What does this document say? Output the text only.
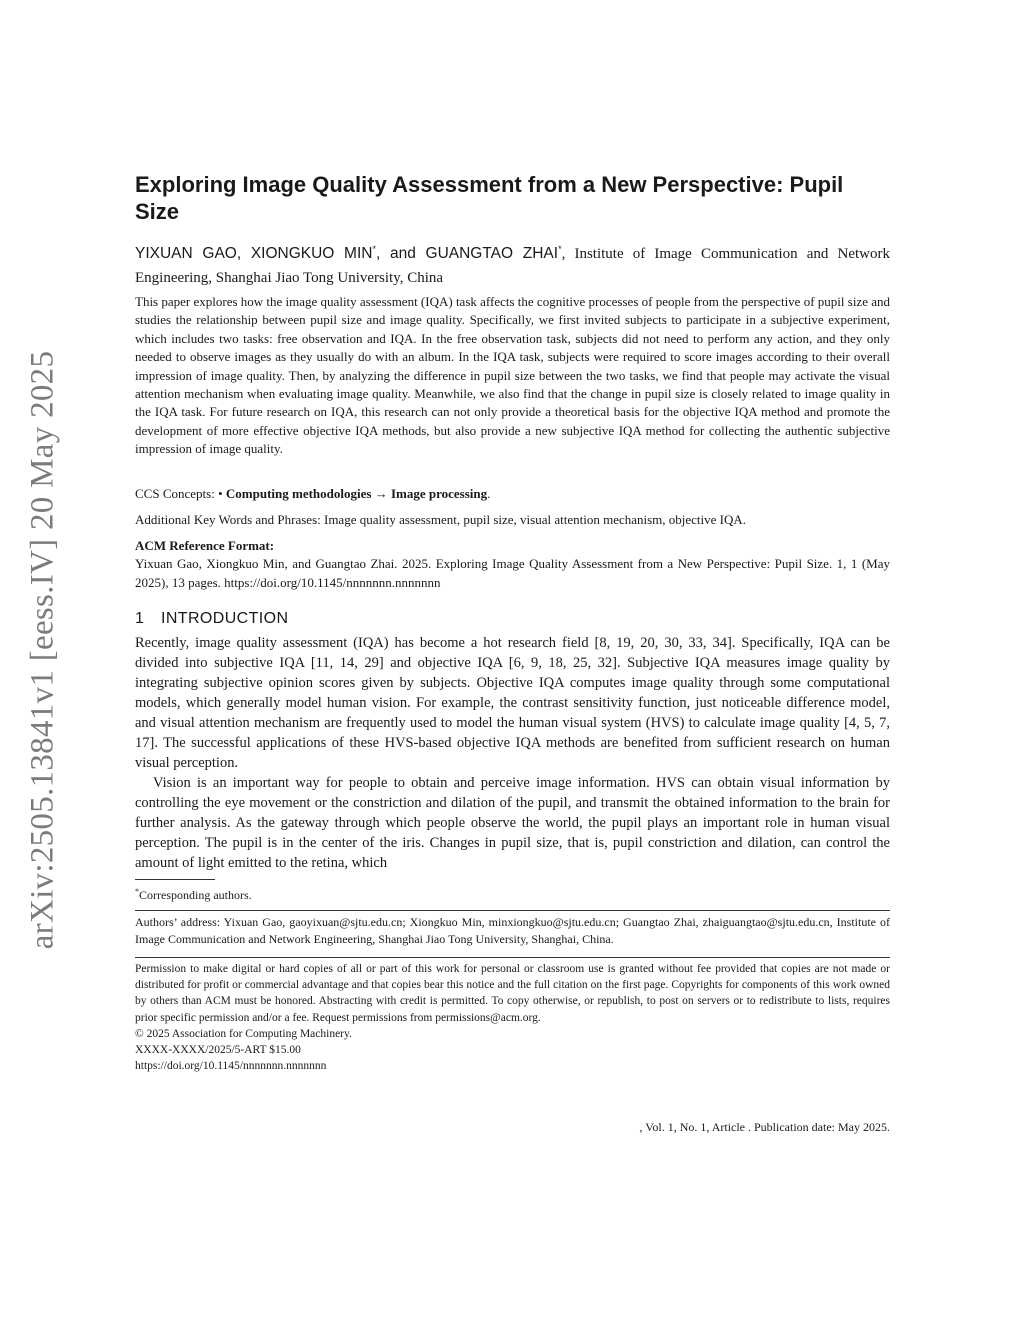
arXiv:2505.13841v1 [eess.IV] 20 May 2025
Exploring Image Quality Assessment from a New Perspective: Pupil Size
YIXUAN GAO, XIONGKUO MIN*, and GUANGTAO ZHAI*, Institute of Image Communication and Network Engineering, Shanghai Jiao Tong University, China

This paper explores how the image quality assessment (IQA) task affects the cognitive processes of people from the perspective of pupil size and studies the relationship between pupil size and image quality. Specifically, we first invited subjects to participate in a subjective experiment, which includes two tasks: free observation and IQA. In the free observation task, subjects did not need to perform any action, and they only needed to observe images as they usually do with an album. In the IQA task, subjects were required to score images according to their overall impression of image quality. Then, by analyzing the difference in pupil size between the two tasks, we find that people may activate the visual attention mechanism when evaluating image quality. Meanwhile, we also find that the change in pupil size is closely related to image quality in the IQA task. For future research on IQA, this research can not only provide a theoretical basis for the objective IQA method and promote the development of more effective objective IQA methods, but also provide a new subjective IQA method for collecting the authentic subjective impression of image quality.

CCS Concepts: • Computing methodologies → Image processing.
Additional Key Words and Phrases: Image quality assessment, pupil size, visual attention mechanism, objective IQA.
ACM Reference Format:
Yixuan Gao, Xiongkuo Min, and Guangtao Zhai. 2025. Exploring Image Quality Assessment from a New Perspective: Pupil Size. 1, 1 (May 2025), 13 pages. https://doi.org/10.1145/nnnnnnn.nnnnnnn
1 INTRODUCTION

Recently, image quality assessment (IQA) has become a hot research field [8, 19, 20, 30, 33, 34]. Specifically, IQA can be divided into subjective IQA [11, 14, 29] and objective IQA [6, 9, 18, 25, 32]. Subjective IQA measures image quality by integrating subjective opinion scores given by subjects. Objective IQA computes image quality through some computational models, which generally model human vision. For example, the contrast sensitivity function, just noticeable difference model, and visual attention mechanism are frequently used to model the human visual system (HVS) to calculate image quality [4, 5, 7, 17]. The successful applications of these HVS-based objective IQA methods are benefited from sufficient research on human visual perception.

Vision is an important way for people to obtain and perceive image information. HVS can obtain visual information by controlling the eye movement or the constriction and dilation of the pupil, and transmit the obtained information to the brain for further analysis. As the gateway through which people observe the world, the pupil plays an important role in human visual perception. The pupil is in the center of the iris. Changes in pupil size, that is, pupil constriction and dilation, can control the amount of light emitted to the retina, which

*Corresponding authors.
Authors’ address: Yixuan Gao, gaoyixuan@sjtu.edu.cn; Xiongkuo Min, minxiongkuo@sjtu.edu.cn; Guangtao Zhai, zhaiguangtao@sjtu.edu.cn, Institute of Image Communication and Network Engineering, Shanghai Jiao Tong University, Shanghai, China.
Permission to make digital or hard copies of all or part of this work for personal or classroom use is granted without fee provided that copies are not made or distributed for profit or commercial advantage and that copies bear this notice and the full citation on the first page. Copyrights for components of this work owned by others than ACM must be honored. Abstracting with credit is permitted. To copy otherwise, or republish, to post on servers or to redistribute to lists, requires prior specific permission and/or a fee. Request permissions from permissions@acm.org.
© 2025 Association for Computing Machinery.
XXXX-XXXX/2025/5-ART $15.00
https://doi.org/10.1145/nnnnnnn.nnnnnnn
, Vol. 1, No. 1, Article . Publication date: May 2025.
